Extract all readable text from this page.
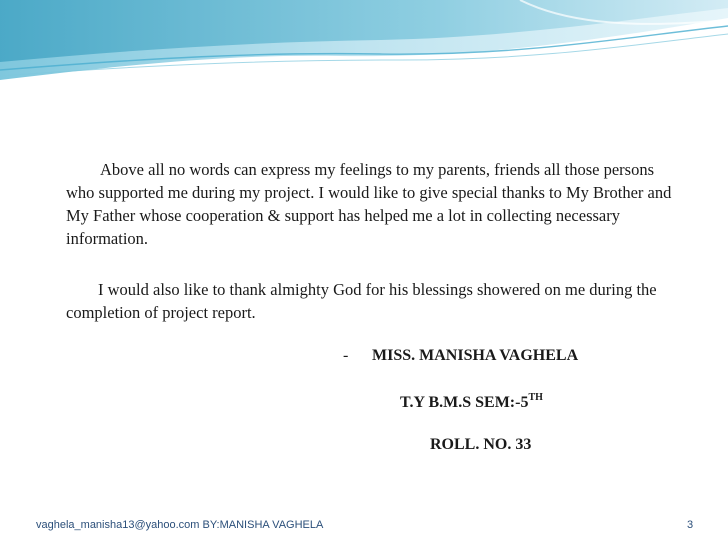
Above all no words can express my feelings to my parents, friends all those persons who supported me during my project. I would like to give special thanks to My Brother and My Father whose cooperation & support has helped me a lot in collecting necessary information.

I would also like to thank almighty God for his blessings showered on me during the completion of project report.

- MISS. MANISHA VAGHELA
T.Y B.M.S SEM:-5TH
ROLL. NO. 33
vaghela_manisha13@yahoo.com BY:MANISHA VAGHELA	3
